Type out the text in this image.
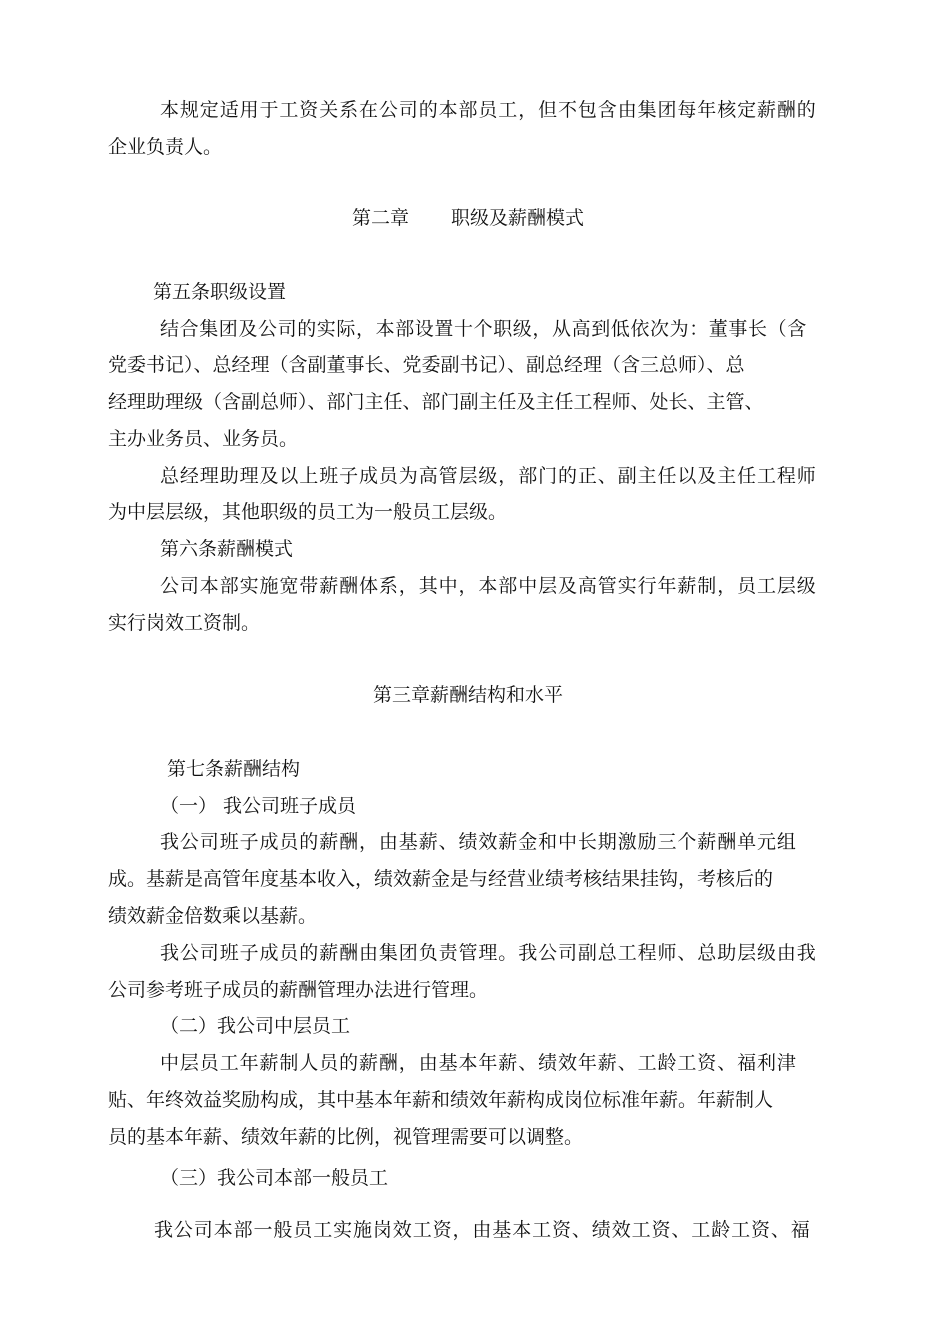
本规定适用于工资关系在公司的本部员工，但不包含由集团每年核定薪酬的
企业负责人。
第二章 职级及薪酬模式
第五条职级设置
结合集团及公司的实际，本部设置十个职级，从高到低依次为：董事长（含
党委书记）、总经理（含副董事长、党委副书记）、副总经理（含三总师）、总
经理助理级（含副总师）、部门主任、部门副主任及主任工程师、处长、主管、
主办业务员、业务员。
总经理助理及以上班子成员为高管层级，部门的正、副主任以及主任工程师
为中层层级，其他职级的员工为一般员工层级。
第六条薪酬模式
公司本部实施宽带薪酬体系，其中，本部中层及高管实行年薪制，员工层级
实行岗效工资制。
第三章薪酬结构和水平
第七条薪酬结构
（一） 我公司班子成员
我公司班子成员的薪酬，由基薪、绩效薪金和中长期激励三个薪酬单元组
成。基薪是高管年度基本收入，绩效薪金是与经营业绩考核结果挂钩，考核后的
绩效薪金倍数乘以基薪。
我公司班子成员的薪酬由集团负责管理。我公司副总工程师、总助层级由我
公司参考班子成员的薪酬管理办法进行管理。
（二）我公司中层员工
中层员工年薪制人员的薪酬，由基本年薪、绩效年薪、工龄工资、福利津
贴、年终效益奖励构成，其中基本年薪和绩效年薪构成岗位标准年薪。年薪制人
员的基本年薪、绩效年薪的比例，视管理需要可以调整。
（三）我公司本部一般员工
我公司本部一般员工实施岗效工资，由基本工资、绩效工资、工龄工资、福
